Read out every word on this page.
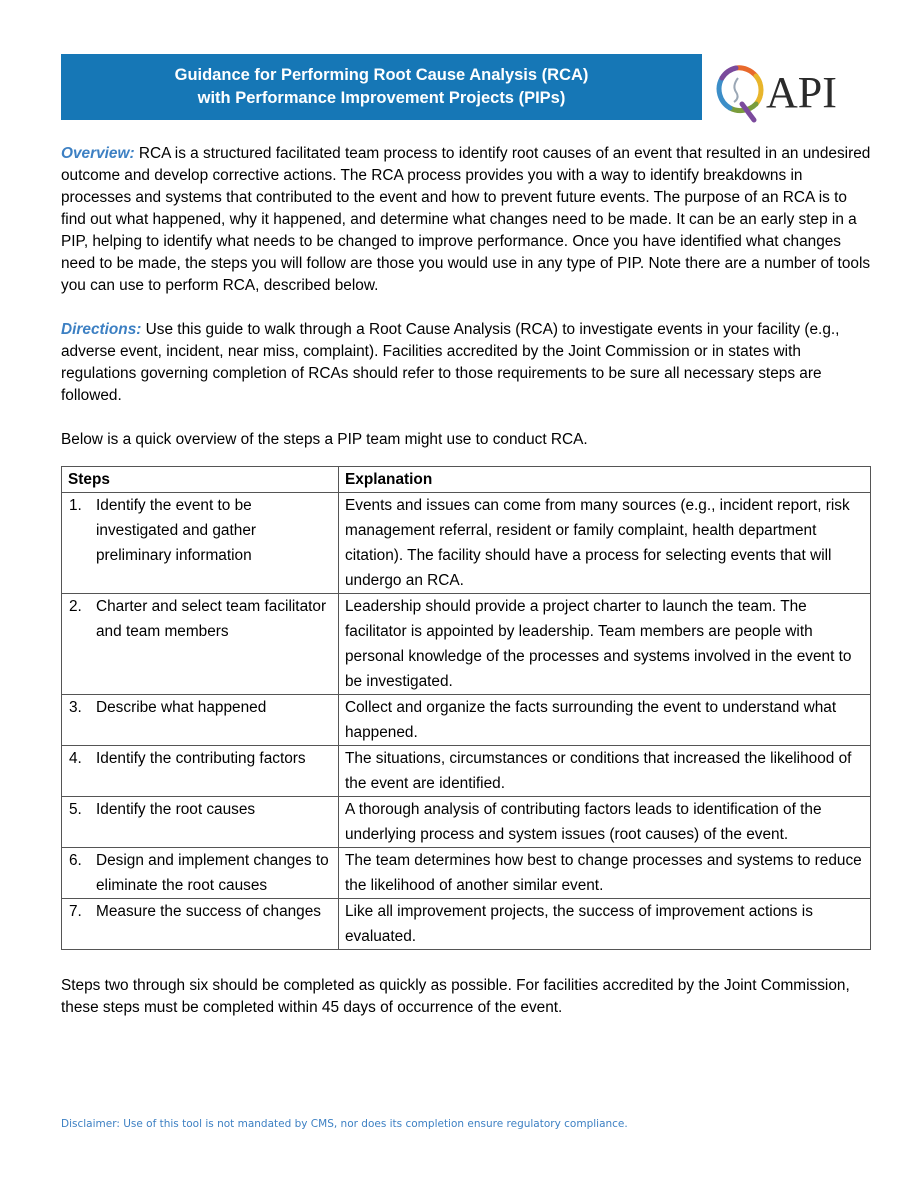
Guidance for Performing Root Cause Analysis (RCA)
with Performance Improvement Projects (PIPs)	API

Overview: RCA is a structured facilitated team process to identify root causes of an event that resulted in an undesired outcome and develop corrective actions. The RCA process provides you with a way to identify breakdowns in processes and systems that contributed to the event and how to prevent future events. The purpose of an RCA is to find out what happened, why it happened, and determine what changes need to be made. It can be an early step in a PIP, helping to identify what needs to be changed to improve performance. Once you have identified what changes need to be made, the steps you will follow are those you would use in any type of PIP. Note there are a number of tools you can use to perform RCA, described below.

Directions: Use this guide to walk through a Root Cause Analysis (RCA) to investigate events in your facility (e.g., adverse event, incident, near miss, complaint). Facilities accredited by the Joint Commission or in states with regulations governing completion of RCAs should refer to those requirements to be sure all necessary steps are followed.

Below is a quick overview of the steps a PIP team might use to conduct RCA.

Steps	Explanation

1. Identify the event to be investigated and gather preliminary information	Events and issues can come from many sources (e.g., incident report, risk management referral, resident or family complaint, health department citation). The facility should have a process for selecting events that will undergo an RCA.

2. Charter and select team facilitator and team members	Leadership should provide a project charter to launch the team. The facilitator is appointed by leadership. Team members are people with personal knowledge of the processes and systems involved in the event to be investigated.

3. Describe what happened	Collect and organize the facts surrounding the event to understand what happened.

4. Identify the contributing factors	The situations, circumstances or conditions that increased the likelihood of the event are identified.

5. Identify the root causes	A thorough analysis of contributing factors leads to identification of the underlying process and system issues (root causes) of the event.

6. Design and implement changes to eliminate the root causes	The team determines how best to change processes and systems to reduce the likelihood of another similar event.

7. Measure the success of changes	Like all improvement projects, the success of improvement actions is evaluated.

Steps two through six should be completed as quickly as possible. For facilities accredited by the Joint Commission, these steps must be completed within 45 days of occurrence of the event.

Disclaimer: Use of this tool is not mandated by CMS, nor does its completion ensure regulatory compliance.
